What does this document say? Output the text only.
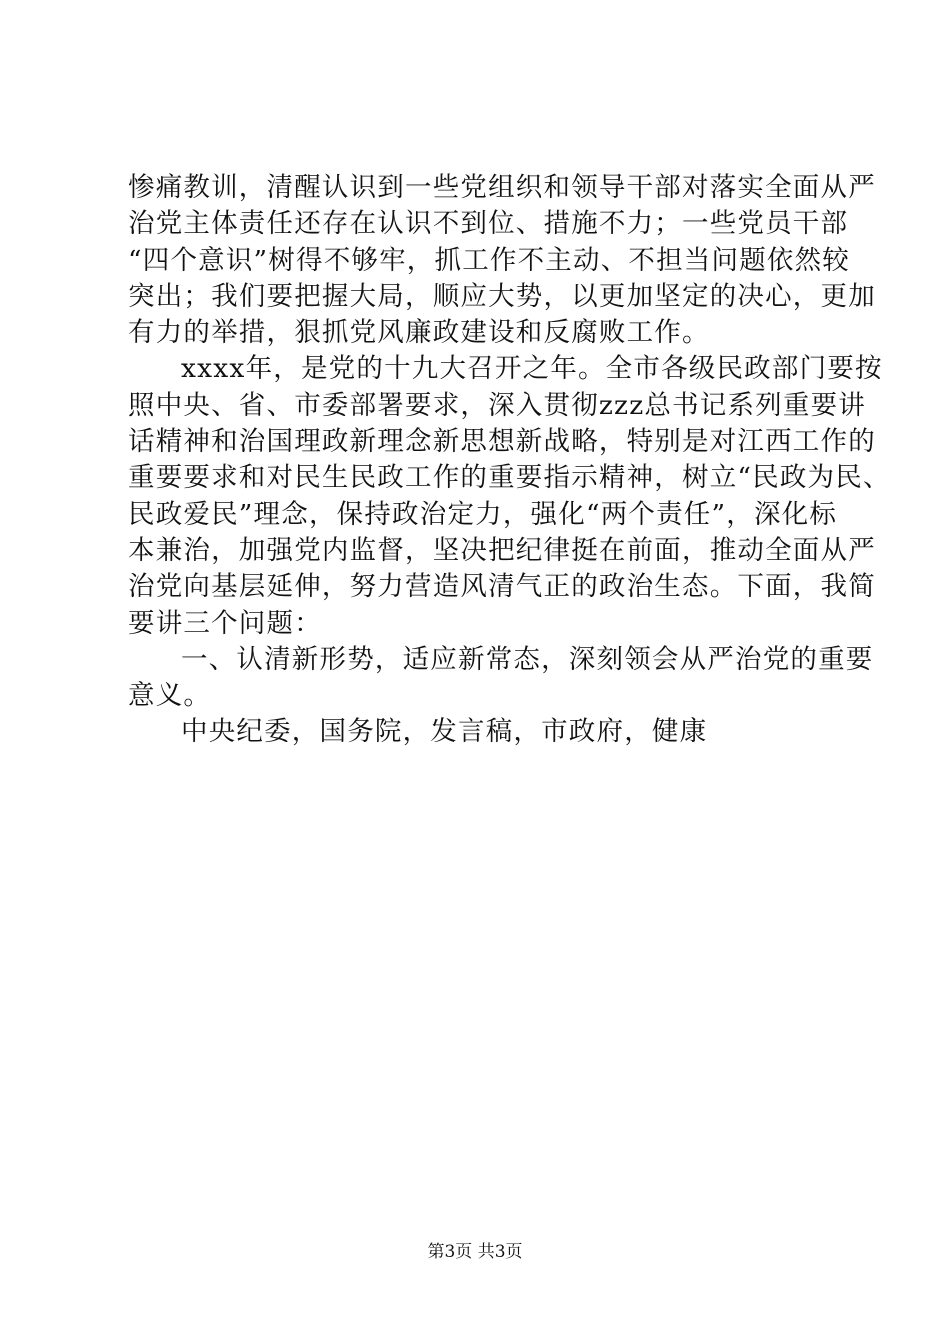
惨痛教训，清醒认识到一些党组织和领导干部对落实全面从严
治党主体责任还存在认识不到位、措施不力；一些党员干部
“四个意识”树得不够牢，抓工作不主动、不担当问题依然较
突出；我们要把握大局，顺应大势，以更加坚定的决心，更加
有力的举措，狠抓党风廉政建设和反腐败工作。
xxxx年，是党的十九大召开之年。全市各级民政部门要按
照中央、省、市委部署要求，深入贯彻zzz总书记系列重要讲
话精神和治国理政新理念新思想新战略，特别是对江西工作的
重要要求和对民生民政工作的重要指示精神，树立“民政为民、
民政爱民”理念，保持政治定力，强化“两个责任”，深化标
本兼治，加强党内监督，坚决把纪律挺在前面，推动全面从严
治党向基层延伸，努力营造风清气正的政治生态。下面，我简
要讲三个问题：
一、认清新形势，适应新常态，深刻领会从严治党的重要
意义。
中央纪委，国务院，发言稿，市政府，健康
第3页 共3页
